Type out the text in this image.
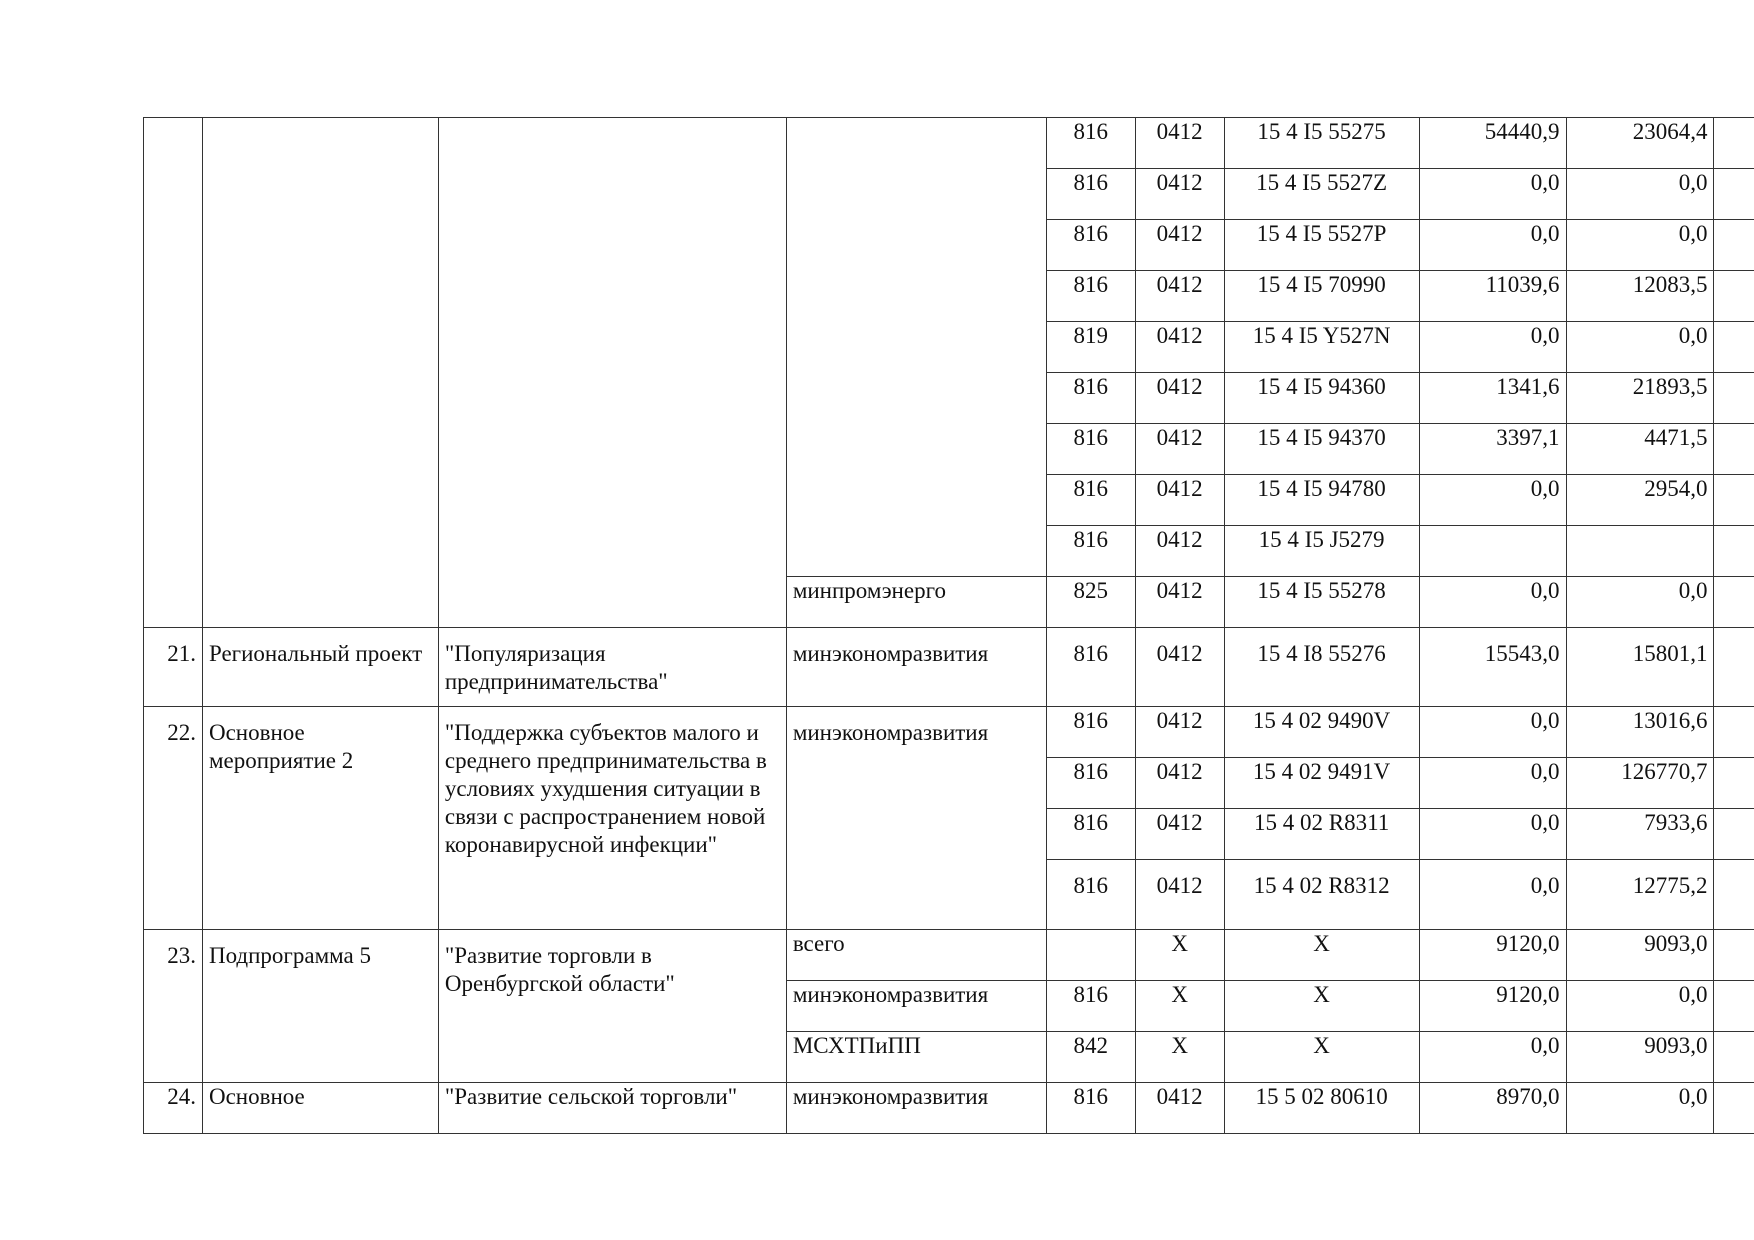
				816	0412	15 4 I5 55275	54440,9	23064,4	
				816	0412	15 4 I5 5527Z	0,0	0,0	
				816	0412	15 4 I5 5527P	0,0	0,0	
				816	0412	15 4 I5 70990	11039,6	12083,5	
				819	0412	15 4 I5 Y527N	0,0	0,0	
				816	0412	15 4 I5 94360	1341,6	21893,5	
				816	0412	15 4 I5 94370	3397,1	4471,5	
				816	0412	15 4 I5 94780	0,0	2954,0	
				816	0412	15 4 I5 J5279			
			минпромэнерго	825	0412	15 4 I5 55278	0,0	0,0	
21.	Региональный проект	"Популяризация предпринимательства"	минэкономразвития	816	0412	15 4 I8 55276	15543,0	15801,1	
22.	Основное мероприятие 2	"Поддержка субъектов малого и среднего предпринимательства в условиях ухудшения ситуации в связи с распространением новой коронавирусной инфекции"	минэкономразвития	816	0412	15 4 02 9490V	0,0	13016,6	
				816	0412	15 4 02 9491V	0,0	126770,7	
				816	0412	15 4 02 R8311	0,0	7933,6	
				816	0412	15 4 02 R8312	0,0	12775,2	
23.	Подпрограмма 5	"Развитие торговли в Оренбургской области"	всего		X	X	9120,0	9093,0	
			минэкономразвития	816	X	X	9120,0	0,0	
			МСХТПиПП	842	X	X	0,0	9093,0	
24.	Основное	"Развитие сельской торговли"	минэкономразвития	816	0412	15 5 02 80610	8970,0	0,0	
